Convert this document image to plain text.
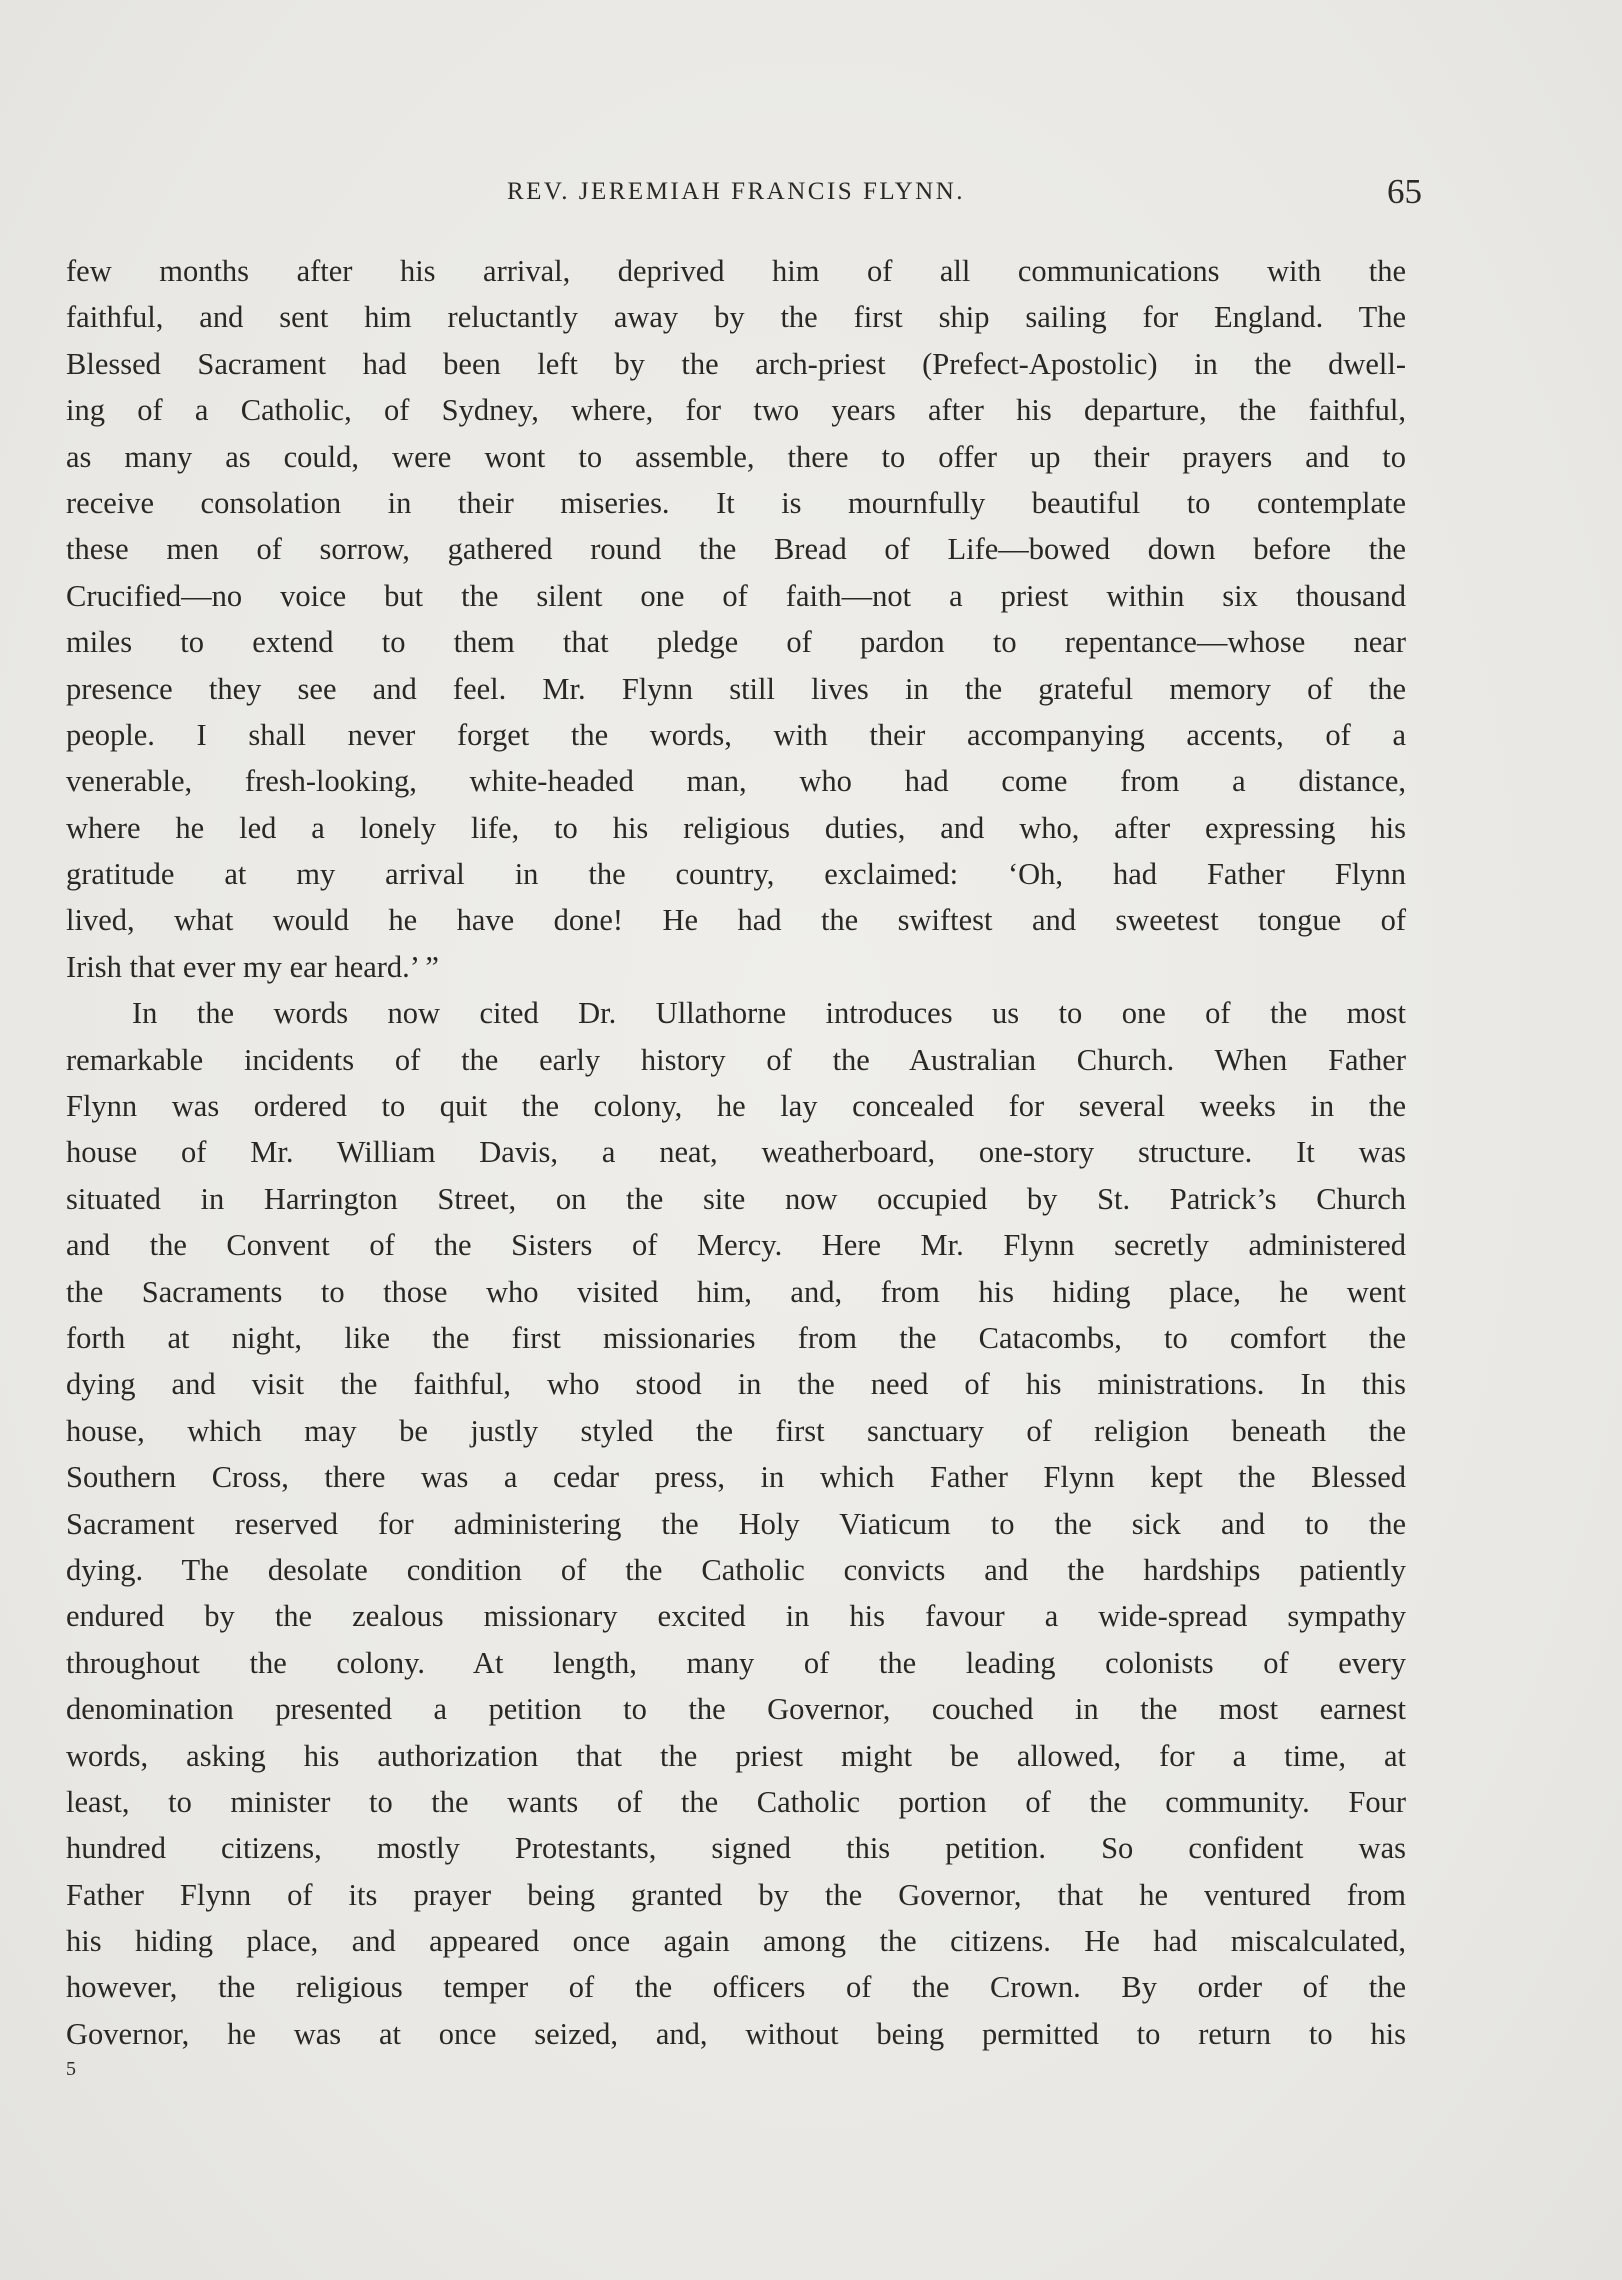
REV. JEREMIAH FRANCIS FLYNN.	65
few months after his arrival, deprived him of all communications with the
faithful, and sent him reluctantly away by the first ship sailing for England. The
Blessed Sacrament had been left by the arch-priest (Prefect-Apostolic) in the dwell-
ing of a Catholic, of Sydney, where, for two years after his departure, the faithful,
as many as could, were wont to assemble, there to offer up their prayers and to
receive consolation in their miseries. It is mournfully beautiful to contemplate
these men of sorrow, gathered round the Bread of Life—bowed down before the
Crucified—no voice but the silent one of faith—not a priest within six thousand
miles to extend to them that pledge of pardon to repentance—whose near
presence they see and feel. Mr. Flynn still lives in the grateful memory of the
people. I shall never forget the words, with their accompanying accents, of a
venerable, fresh-looking, white-headed man, who had come from a distance,
where he led a lonely life, to his religious duties, and who, after expressing his
gratitude at my arrival in the country, exclaimed: ‘Oh, had Father Flynn
lived, what would he have done! He had the swiftest and sweetest tongue of
Irish that ever my ear heard.’ ”
In the words now cited Dr. Ullathorne introduces us to one of the most
remarkable incidents of the early history of the Australian Church. When Father
Flynn was ordered to quit the colony, he lay concealed for several weeks in the
house of Mr. William Davis, a neat, weatherboard, one-story structure. It was
situated in Harrington Street, on the site now occupied by St. Patrick’s Church
and the Convent of the Sisters of Mercy. Here Mr. Flynn secretly administered
the Sacraments to those who visited him, and, from his hiding place, he went
forth at night, like the first missionaries from the Catacombs, to comfort the
dying and visit the faithful, who stood in the need of his ministrations. In this
house, which may be justly styled the first sanctuary of religion beneath the
Southern Cross, there was a cedar press, in which Father Flynn kept the Blessed
Sacrament reserved for administering the Holy Viaticum to the sick and to the
dying. The desolate condition of the Catholic convicts and the hardships patiently
endured by the zealous missionary excited in his favour a wide-spread sympathy
throughout the colony. At length, many of the leading colonists of every
denomination presented a petition to the Governor, couched in the most earnest
words, asking his authorization that the priest might be allowed, for a time, at
least, to minister to the wants of the Catholic portion of the community. Four
hundred citizens, mostly Protestants, signed this petition. So confident was
Father Flynn of its prayer being granted by the Governor, that he ventured from
his hiding place, and appeared once again among the citizens. He had miscalculated,
however, the religious temper of the officers of the Crown. By order of the
Governor, he was at once seized, and, without being permitted to return to his
5
